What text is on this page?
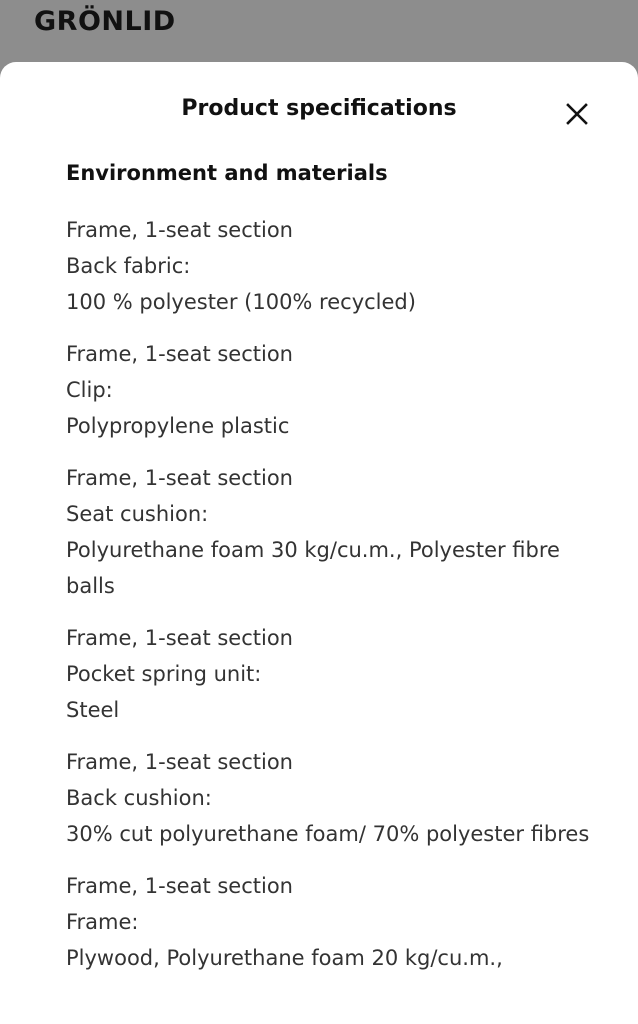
GRÖNLID
Product specifications
Environment and materials
Frame, 1-seat section
Back fabric:
100 % polyester (100% recycled)
Frame, 1-seat section
Clip:
Polypropylene plastic
Frame, 1-seat section
Seat cushion:
Polyurethane foam 30 kg/cu.m., Polyester fibre balls
Frame, 1-seat section
Pocket spring unit:
Steel
Frame, 1-seat section
Back cushion:
30% cut polyurethane foam/ 70% polyester fibres
Frame, 1-seat section
Frame:
Plywood, Polyurethane foam 20 kg/cu.m.,
